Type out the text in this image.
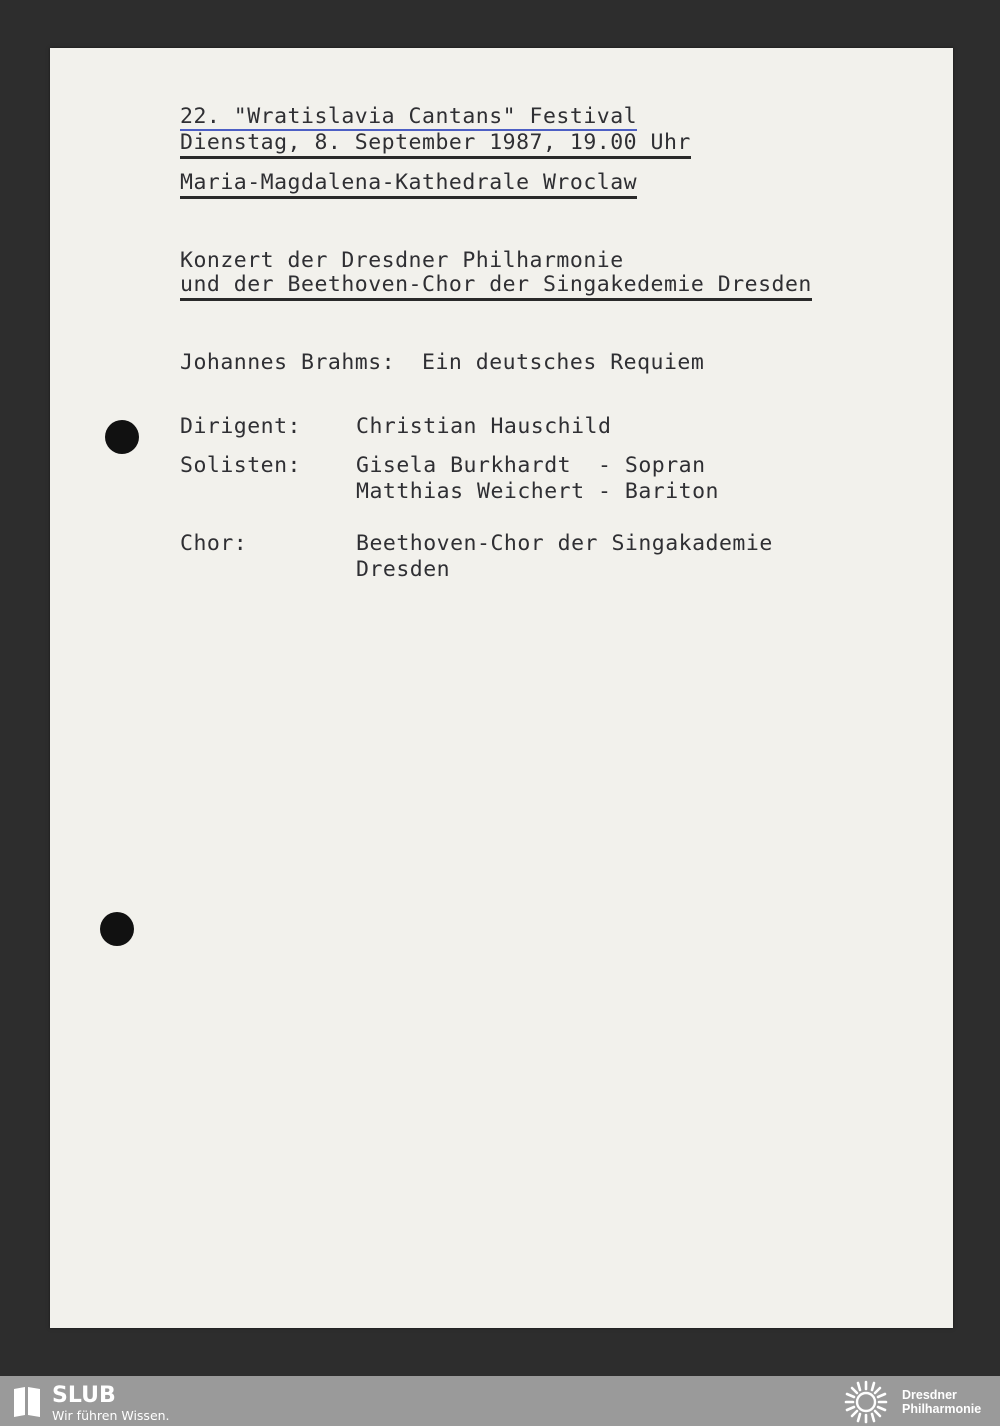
22. "Wratislavia Cantans" Festival
Dienstag, 8. September 1987, 19.00 Uhr
Maria-Magdalena-Kathedrale Wroclaw
Konzert der Dresdner Philharmonie
und der Beethoven-Chor der Singakedemie Dresden
Johannes Brahms:  Ein deutsches Requiem
Dirigent:	Christian Hauschild
Solisten:	Gisela Burkhardt  - Sopran
Matthias Weichert - Bariton
Chor:	Beethoven-Chor der Singakademie
Dresden
SLUB
Wir führen Wissen.
Dresdner
Philharmonie
